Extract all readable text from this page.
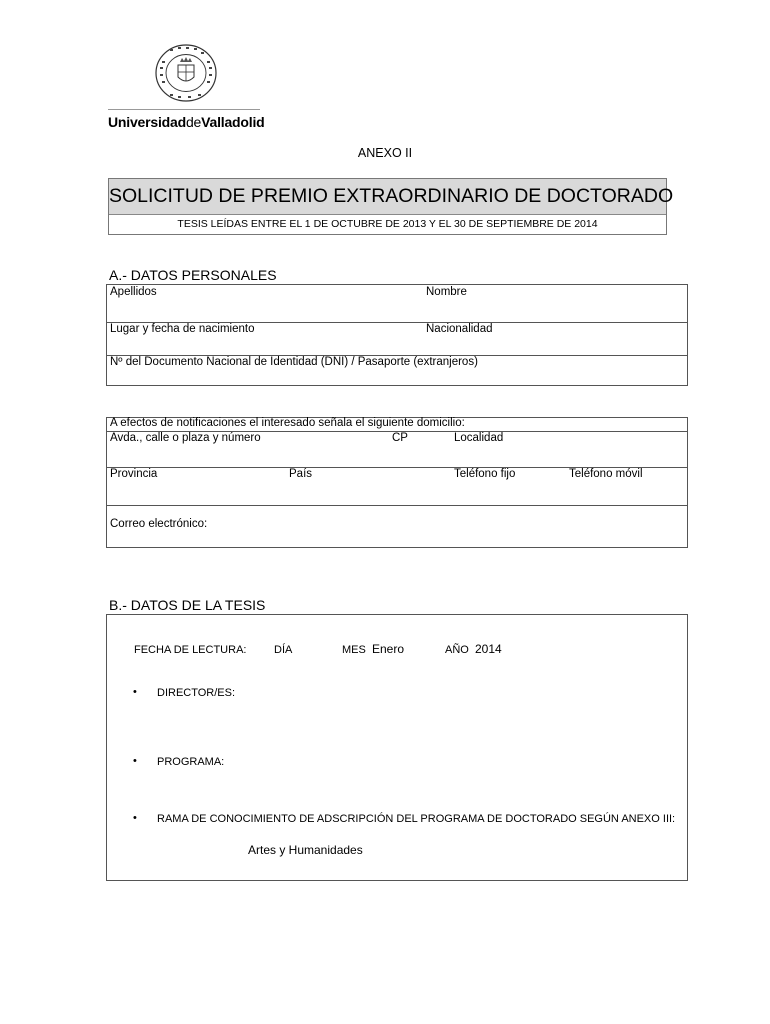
UniversidaddeValladolid
ANEXO II
SOLICITUD DE PREMIO EXTRAORDINARIO DE DOCTORADO
TESIS LEÍDAS ENTRE EL 1 DE OCTUBRE DE 2013 Y EL 30 DE SEPTIEMBRE DE 2014
A.- DATOS PERSONALES
Apellidos	Nombre
Lugar y fecha de nacimiento	Nacionalidad
Nº del Documento Nacional de Identidad (DNI) / Pasaporte (extranjeros)
A efectos de notificaciones el interesado señala el siguiente domicilio:
Avda., calle o plaza y número	CP	Localidad
Provincia	País	Teléfono fijo	Teléfono móvil
Correo electrónico:
B.- DATOS DE LA TESIS
FECHA DE LECTURA:	DÍA	MES Enero	AÑO 2014
• DIRECTOR/ES:
• PROGRAMA:
• RAMA DE CONOCIMIENTO DE ADSCRIPCIÓN DEL PROGRAMA DE DOCTORADO SEGÚN ANEXO III:
Artes y Humanidades
